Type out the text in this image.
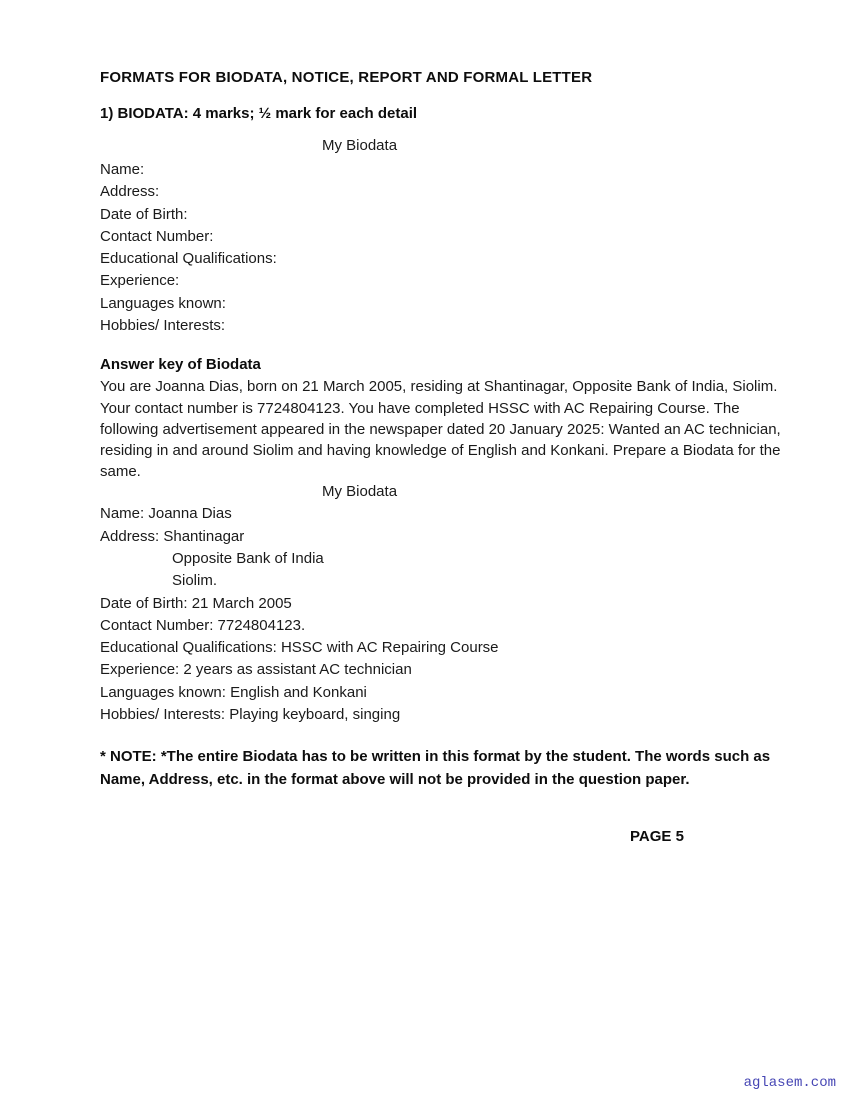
FORMATS FOR BIODATA, NOTICE, REPORT AND FORMAL LETTER
1) BIODATA: 4 marks; ½ mark for each detail
My Biodata
Name:
Address:
Date of Birth:
Contact Number:
Educational Qualifications:
Experience:
Languages known:
Hobbies/ Interests:
Answer key of Biodata
You are Joanna Dias, born on 21 March 2005, residing at Shantinagar, Opposite Bank of India, Siolim. Your contact number is 7724804123. You have completed HSSC with AC Repairing Course. The following advertisement appeared in the newspaper dated 20 January 2025: Wanted an AC technician, residing in and around Siolim and having knowledge of English and Konkani. Prepare a Biodata for the same.
My Biodata
Name: Joanna Dias
Address: Shantinagar
Opposite Bank of India
Siolim.
Date of Birth: 21 March 2005
Contact Number: 7724804123.
Educational Qualifications: HSSC with AC Repairing Course
Experience: 2 years as assistant AC technician
Languages known: English and Konkani
Hobbies/ Interests: Playing keyboard, singing
* NOTE: *The entire Biodata has to be written in this format by the student. The words such as Name, Address, etc. in the format above will not be provided in the question paper.
PAGE 5
aglasem.com
